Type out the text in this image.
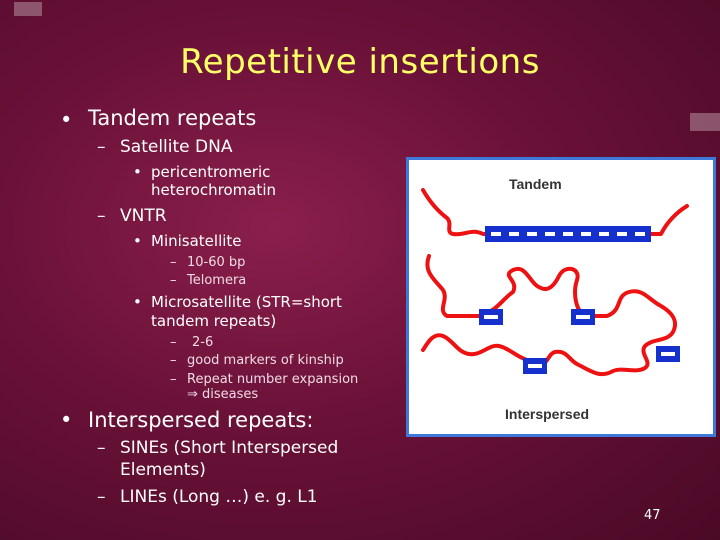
Repetitive insertions
• Tandem repeats
– Satellite DNA
• pericentromeric
heterochromatin
– VNTR
• Minisatellite
– 10-60 bp
– Telomera
• Microsatellite (STR=short
tandem repeats)
– 2-6
– good markers of kinship
– Repeat number expansion
⇒ diseases
• Interspersed repeats:
– SINEs (Short Interspersed
Elements)
– LINEs (Long …) e. g. L1
Tandem
Interspersed
47
